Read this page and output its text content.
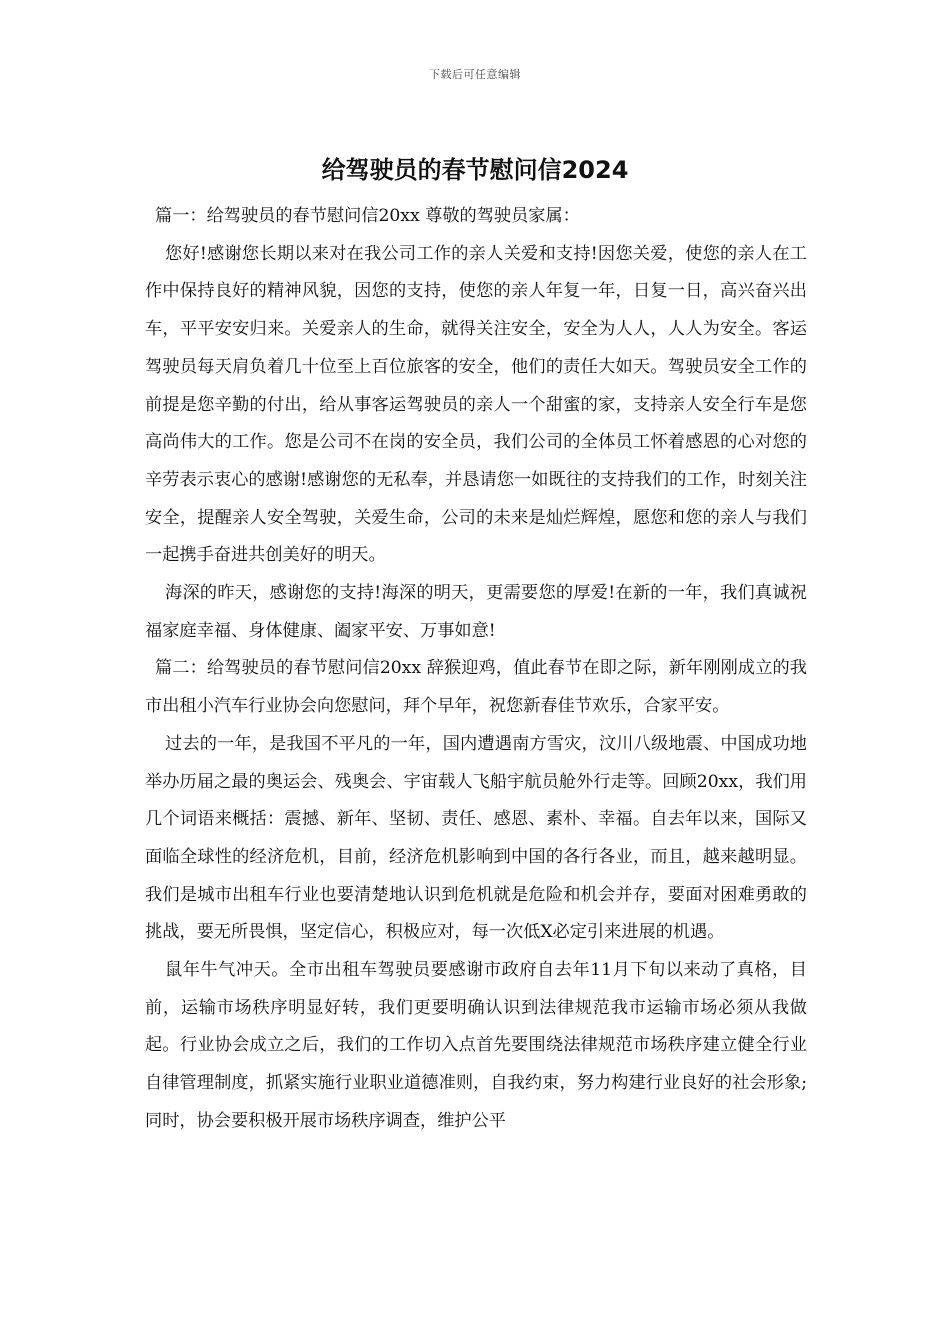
下载后可任意编辑
给驾驶员的春节慰问信2024

篇一：给驾驶员的春节慰问信20xx 尊敬的驾驶员家属：

您好!感谢您长期以来对在我公司工作的亲人关爱和支持!因您关爱，使您的亲人在工作中保持良好的精神风貌，因您的支持，使您的亲人年复一年，日复一日，高兴奋兴出车，平平安安归来。关爱亲人的生命，就得关注安全，安全为人人，人人为安全。客运驾驶员每天肩负着几十位至上百位旅客的安全，他们的责任大如天。驾驶员安全工作的前提是您辛勤的付出，给从事客运驾驶员的亲人一个甜蜜的家，支持亲人安全行车是您高尚伟大的工作。您是公司不在岗的安全员，我们公司的全体员工怀着感恩的心对您的辛劳表示衷心的感谢!感谢您的无私奉，并恳请您一如既往的支持我们的工作，时刻关注安全，提醒亲人安全驾驶，关爱生命，公司的未来是灿烂辉煌，愿您和您的亲人与我们一起携手奋进共创美好的明天。

海深的昨天，感谢您的支持!海深的明天，更需要您的厚爱!在新的一年，我们真诚祝福家庭幸福、身体健康、阖家平安、万事如意!

篇二：给驾驶员的春节慰问信20xx 辞猴迎鸡，值此春节在即之际，新年刚刚成立的我市出租小汽车行业协会向您慰问，拜个早年，祝您新春佳节欢乐，合家平安。

过去的一年，是我国不平凡的一年，国内遭遇南方雪灾，汶川八级地震、中国成功地举办历届之最的奥运会、残奥会、宇宙载人飞船宇航员舱外行走等。回顾20xx，我们用几个词语来概括：震撼、新年、坚韧、责任、感恩、素朴、幸福。自去年以来，国际又面临全球性的经济危机，目前，经济危机影响到中国的各行各业，而且，越来越明显。我们是城市出租车行业也要清楚地认识到危机就是危险和机会并存，要面对困难勇敢的挑战，要无所畏惧，坚定信心，积极应对，每一次低X必定引来进展的机遇。

鼠年牛气冲天。全市出租车驾驶员要感谢市政府自去年11月下旬以来动了真格，目前，运输市场秩序明显好转，我们更要明确认识到法律规范我市运输市场必须从我做起。行业协会成立之后，我们的工作切入点首先要围绕法律规范市场秩序建立健全行业自律管理制度，抓紧实施行业职业道德准则，自我约束，努力构建行业良好的社会形象;同时，协会要积极开展市场秩序调查，维护公平
